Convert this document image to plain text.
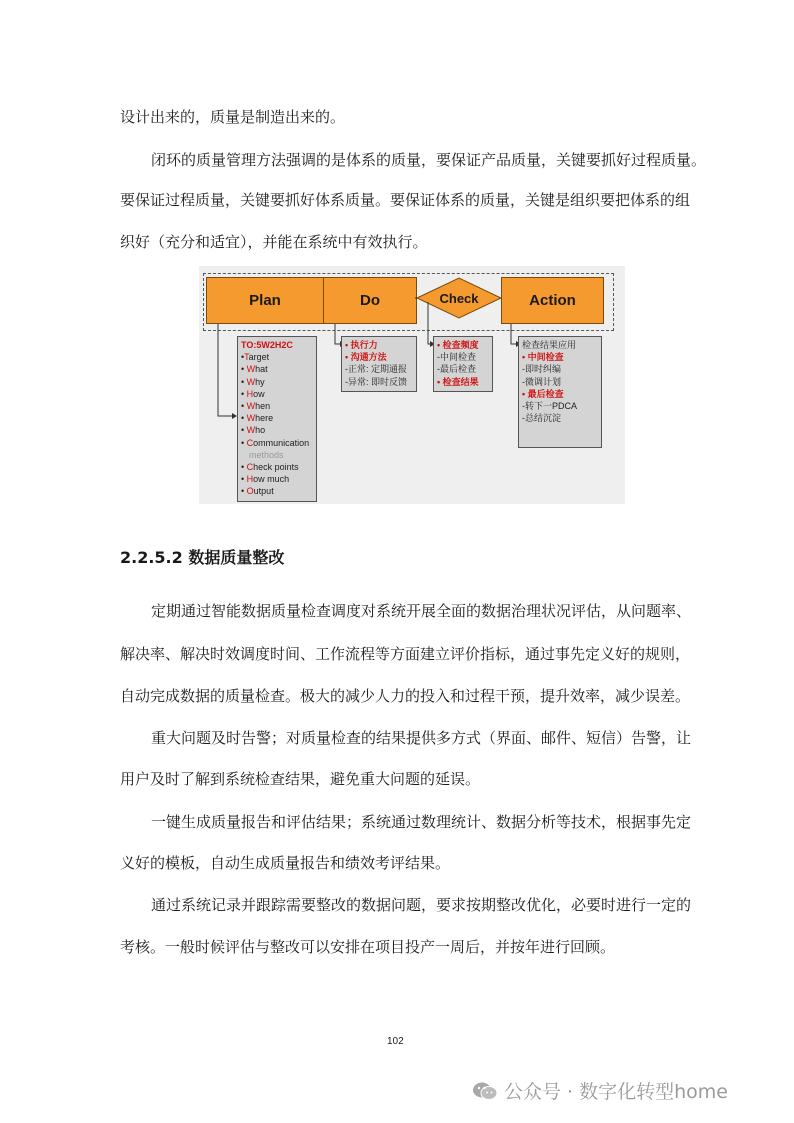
设计出来的，质量是制造出来的。
闭环的质量管理方法强调的是体系的质量，要保证产品质量，关键要抓好过程质量。
要保证过程质量，关键要抓好体系质量。要保证体系的质量，关键是组织要把体系的组
织好（充分和适宜），并能在系统中有效执行。
Plan	Do	Check	Action
TO:5W2H2C
•Target
• What
• Why
• How
• When
• Where
• Who
• Communication
methods
• Check points
• How much
• Output
• 执行力
• 沟通方法
-正常: 定期通报
-异常: 即时反馈
• 检查频度
-中间检查
-最后检查
• 检查结果
检查结果应用
• 中间检查
-即时纠编
-微调计划
• 最后检查
-转下一PDCA
-总结沉淀
2.2.5.2 数据质量整改
定期通过智能数据质量检查调度对系统开展全面的数据治理状况评估，从问题率、
解决率、解决时效调度时间、工作流程等方面建立评价指标，通过事先定义好的规则，
自动完成数据的质量检查。极大的减少人力的投入和过程干预，提升效率，减少误差。
重大问题及时告警；对质量检查的结果提供多方式（界面、邮件、短信）告警，让
用户及时了解到系统检查结果，避免重大问题的延误。
一键生成质量报告和评估结果；系统通过数理统计、数据分析等技术，根据事先定
义好的模板，自动生成质量报告和绩效考评结果。
通过系统记录并跟踪需要整改的数据问题，要求按期整改优化，必要时进行一定的
考核。一般时候评估与整改可以安排在项目投产一周后，并按年进行回顾。
102
公众号 · 数字化转型home
